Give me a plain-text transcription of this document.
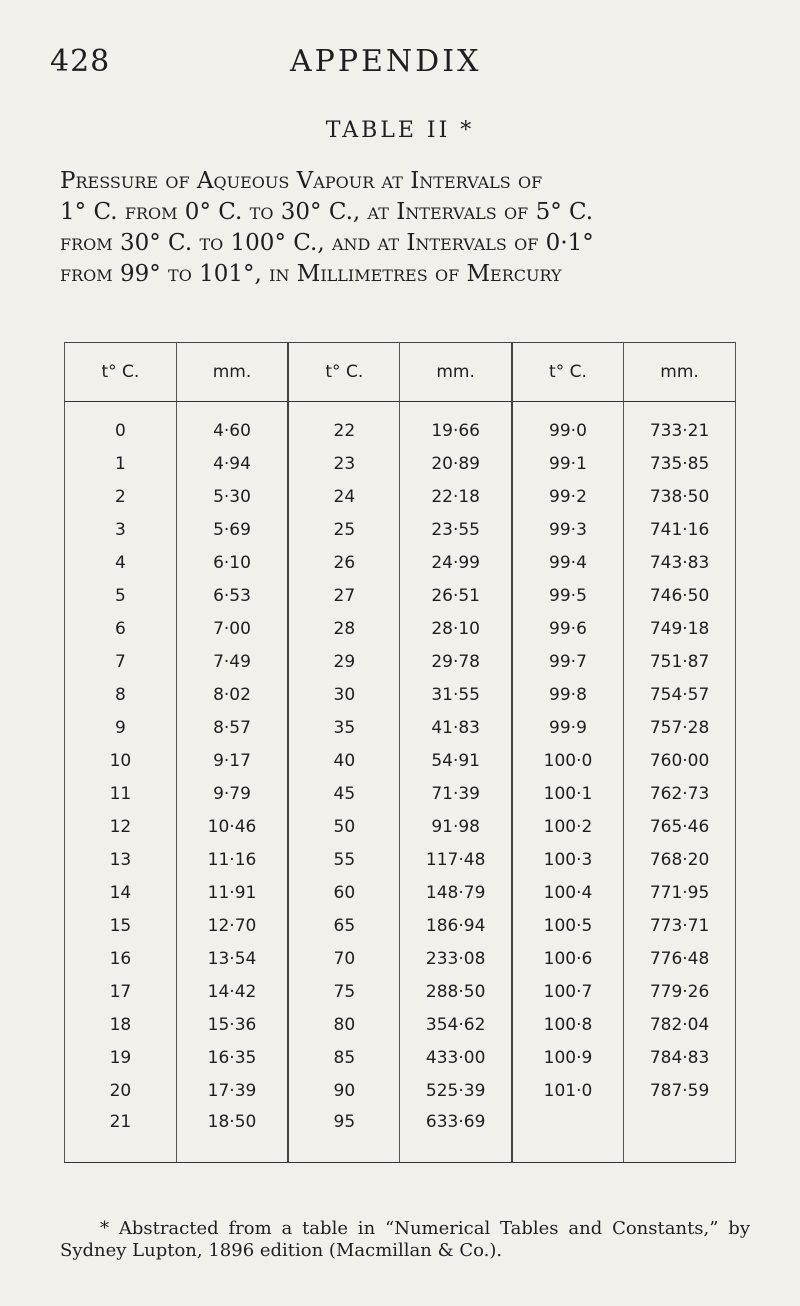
428	APPENDIX
TABLE II *
Pressure of Aqueous Vapour at Intervals of
1° C. from 0° C. to 30° C., at Intervals of 5° C.
from 30° C. to 100° C., and at Intervals of 0·1°
from 99° to 101°, in Millimetres of Mercury
t° C.	mm.	t° C.	mm.	t° C.	mm.
0	4·60	22	19·66	99·0	733·21
1	4·94	23	20·89	99·1	735·85
2	5·30	24	22·18	99·2	738·50
3	5·69	25	23·55	99·3	741·16
4	6·10	26	24·99	99·4	743·83
5	6·53	27	26·51	99·5	746·50
6	7·00	28	28·10	99·6	749·18
7	7·49	29	29·78	99·7	751·87
8	8·02	30	31·55	99·8	754·57
9	8·57	35	41·83	99·9	757·28
10	9·17	40	54·91	100·0	760·00
11	9·79	45	71·39	100·1	762·73
12	10·46	50	91·98	100·2	765·46
13	11·16	55	117·48	100·3	768·20
14	11·91	60	148·79	100·4	771·95
15	12·70	65	186·94	100·5	773·71
16	13·54	70	233·08	100·6	776·48
17	14·42	75	288·50	100·7	779·26
18	15·36	80	354·62	100·8	782·04
19	16·35	85	433·00	100·9	784·83
20	17·39	90	525·39	101·0	787·59
21	18·50	95	633·69		
* Abstracted from a table in “Numerical Tables and Constants,” by Sydney Lupton, 1896 edition (Macmillan & Co.).
